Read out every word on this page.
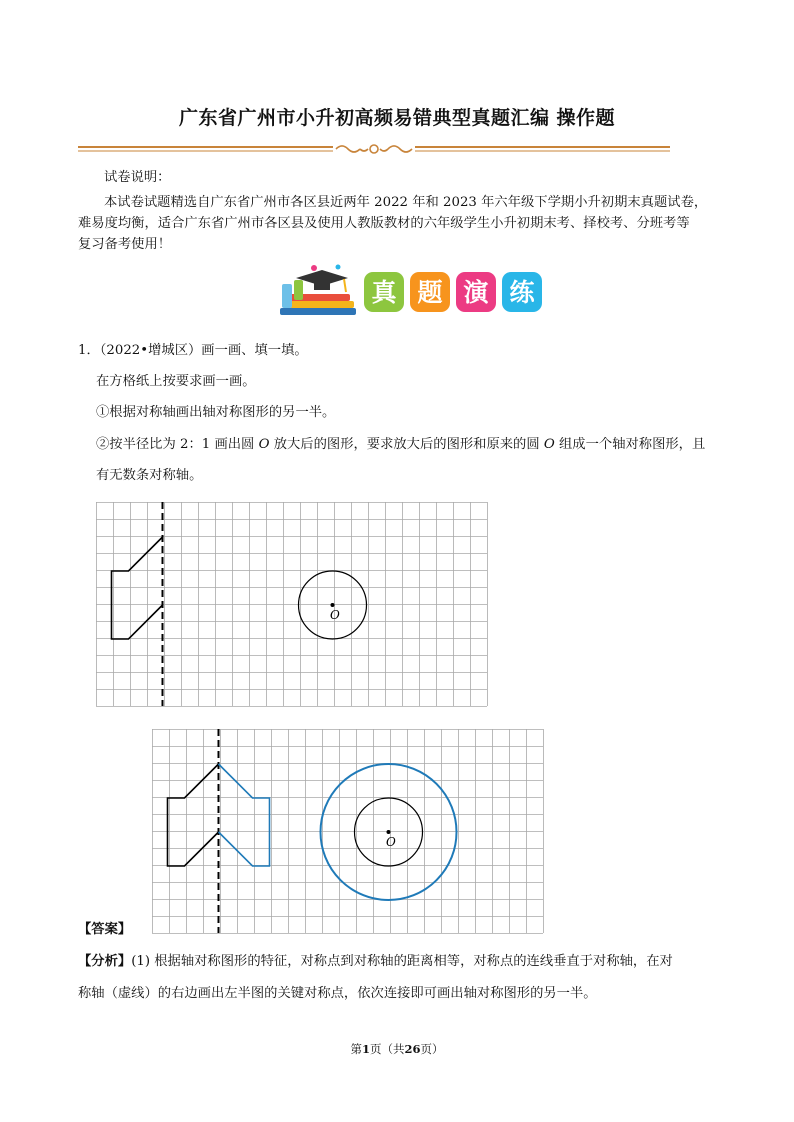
广东省广州市小升初高频易错典型真题汇编 操作题
试卷说明：
本试卷试题精选自广东省广州市各区县近两年 2022 年和 2023 年六年级下学期小升初期末真题试卷，
难易度均衡，适合广东省广州市各区县及使用人教版教材的六年级学生小升初期末考、择校考、分班考等
复习备考使用！
真 题 演 练
1．（2022•增城区）画一画、填一填。
在方格纸上按要求画一画。
①根据对称轴画出轴对称图形的另一半。
②按半径比为 2：1 画出圆 O 放大后的图形，要求放大后的图形和原来的圆 O 组成一个轴对称图形，且
有无数条对称轴。
O
O
【答案】
【分析】(1) 根据轴对称图形的特征，对称点到对称轴的距离相等，对称点的连线垂直于对称轴，在对
称轴（虚线）的右边画出左半图的关键对称点，依次连接即可画出轴对称图形的另一半。
第1页（共26页）
